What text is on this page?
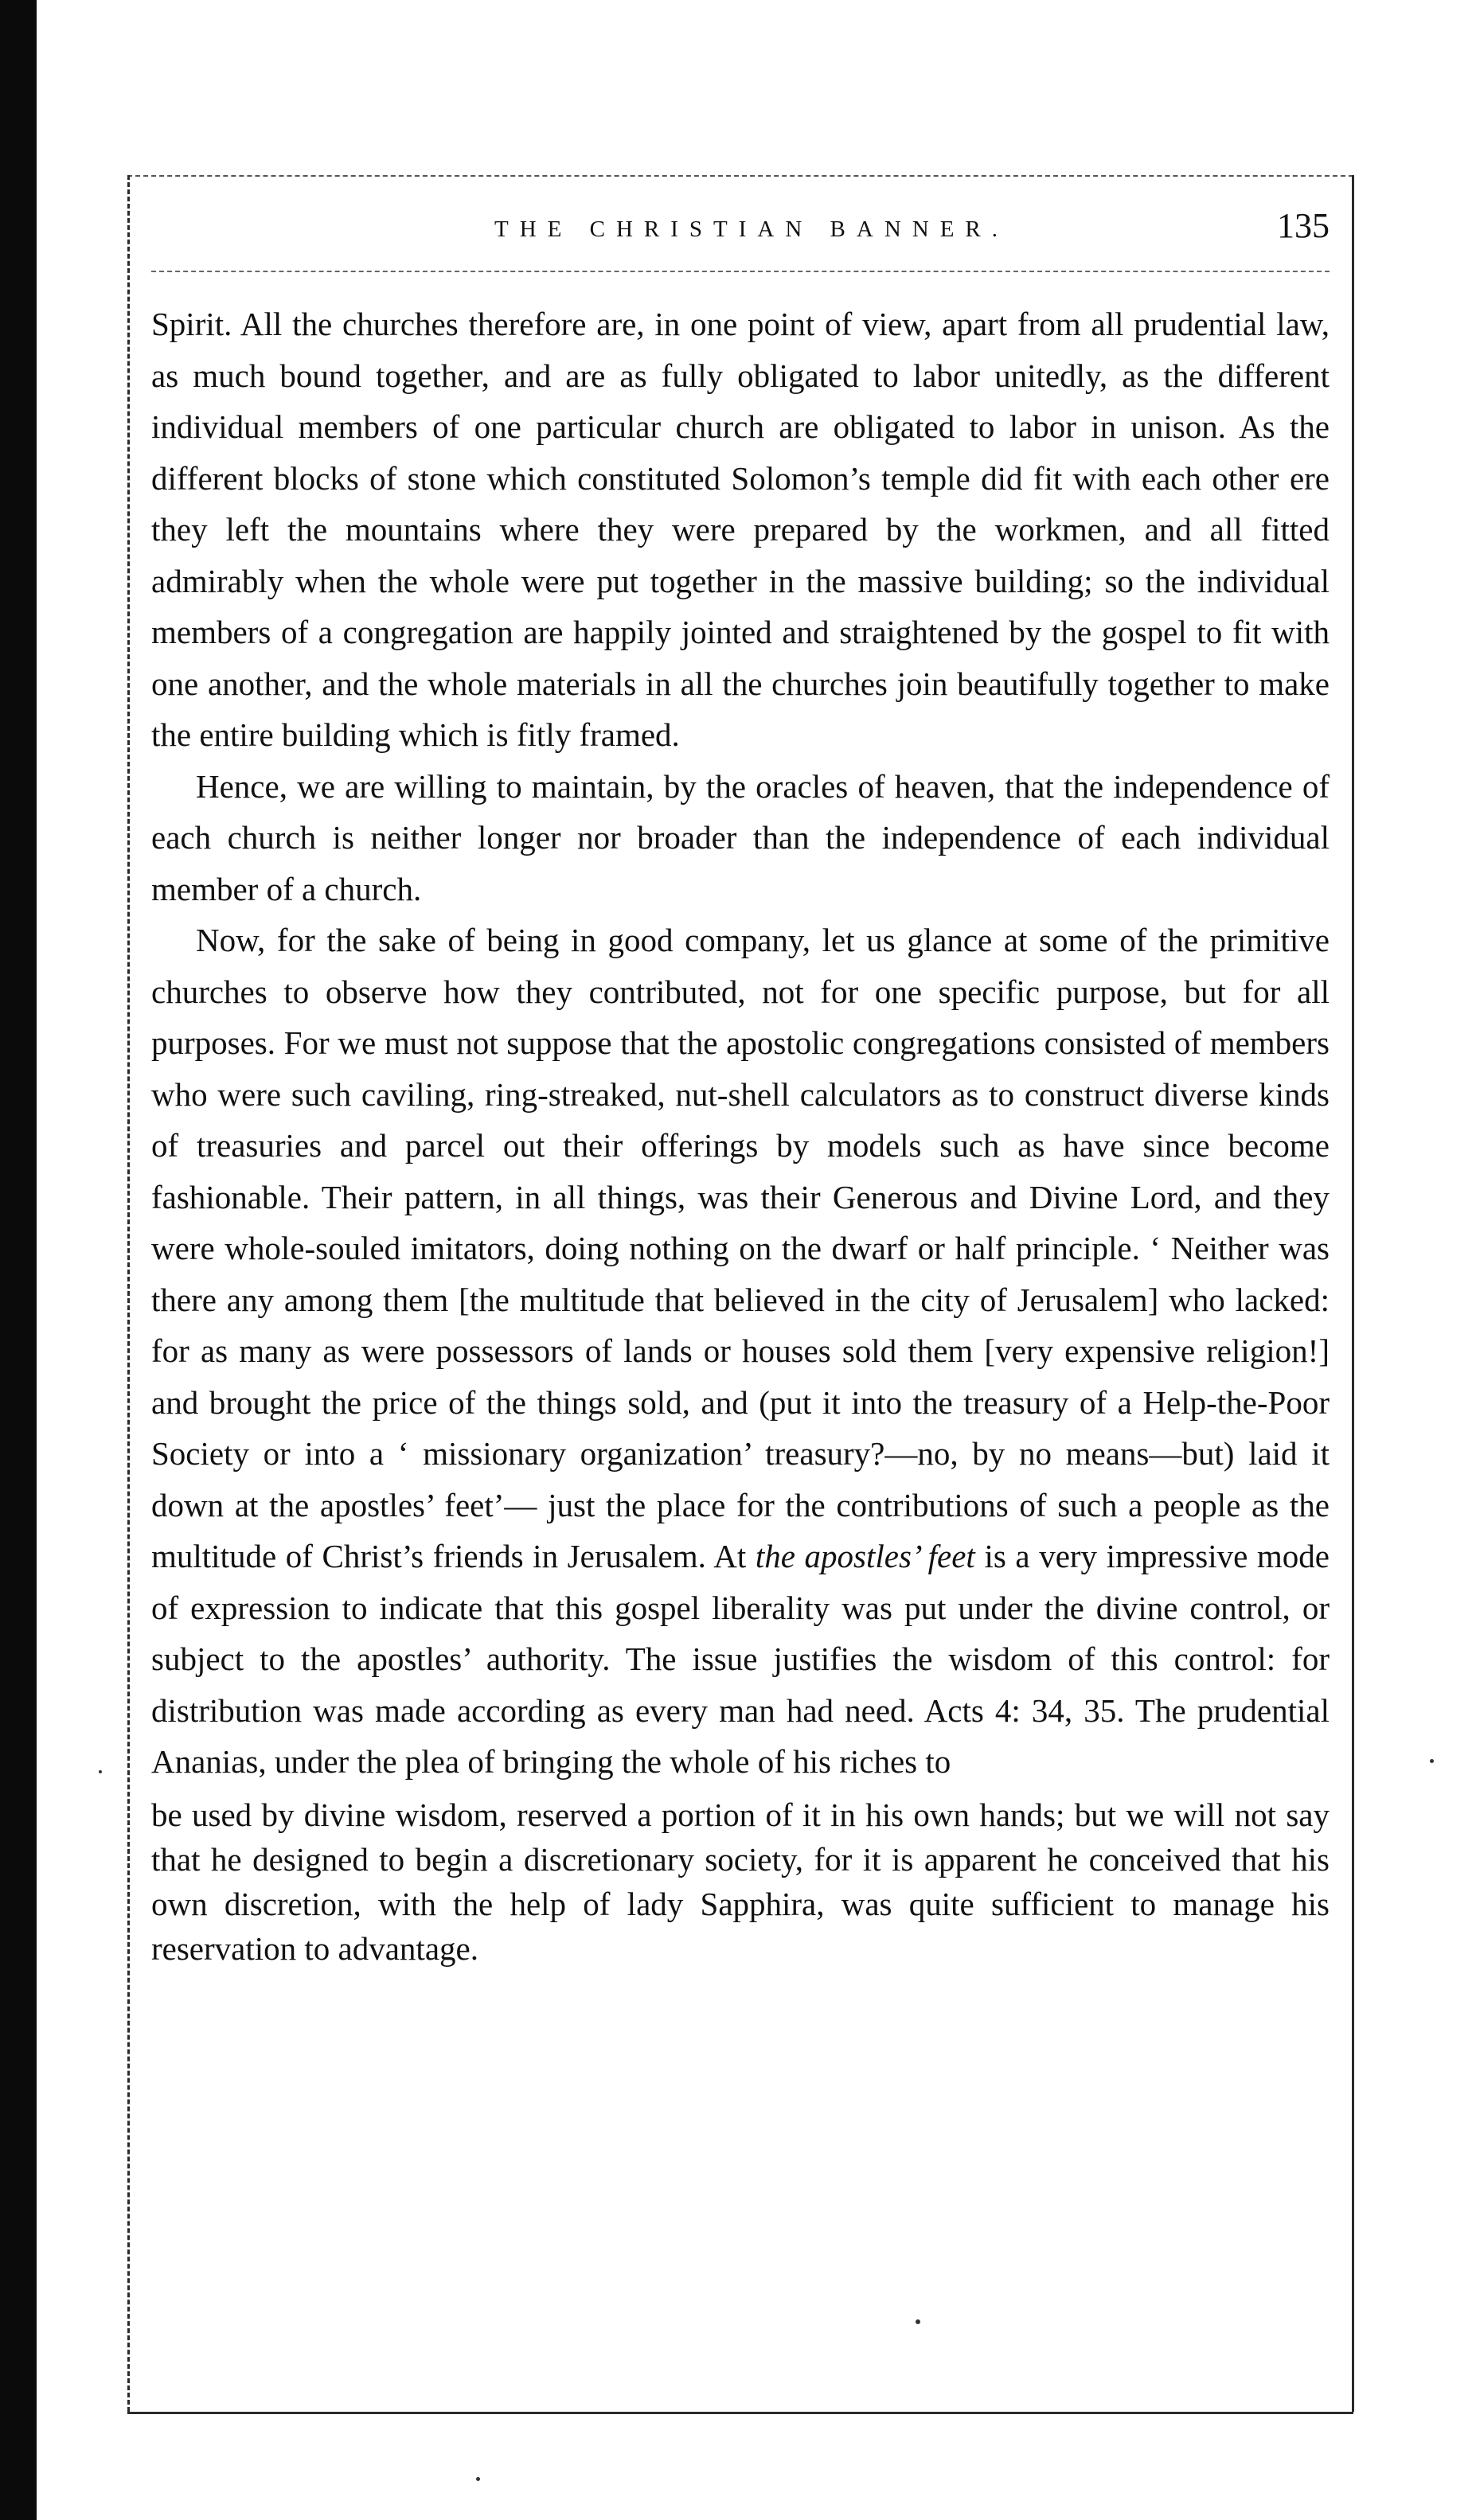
THE CHRISTIAN BANNER.	135

Spirit. All the churches therefore are, in one point of view, apart from all prudential law, as much bound together, and are as fully obligated to labor unitedly, as the different individual members of one particular church are obligated to labor in unison. As the different blocks of stone which constituted Solomon’s temple did fit with each other ere they left the mountains where they were prepared by the workmen, and all fitted admirably when the whole were put together in the massive building; so the individual members of a congregation are happily jointed and straightened by the gospel to fit with one another, and the whole materials in all the churches join beautifully together to make the entire building which is fitly framed.

Hence, we are willing to maintain, by the oracles of heaven, that the independence of each church is neither longer nor broader than the independence of each individual member of a church.

Now, for the sake of being in good company, let us glance at some of the primitive churches to observe how they contributed, not for one specific purpose, but for all purposes. For we must not suppose that the apostolic congregations consisted of members who were such caviling, ring-streaked, nut-shell calculators as to construct diverse kinds of treasuries and parcel out their offerings by models such as have since become fashionable. Their pattern, in all things, was their Generous and Divine Lord, and they were whole-souled imitators, doing nothing on the dwarf or half principle. ‘ Neither was there any among them [the multitude that believed in the city of Jerusalem] who lacked: for as many as were possessors of lands or houses sold them [very expensive religion!] and brought the price of the things sold, and (put it into the treasury of a Help-the-Poor Society or into a ‘ missionary organization’ treasury?—no, by no means—but) laid it down at the apostles’ feet’— just the place for the contributions of such a people as the multitude of Christ’s friends in Jerusalem. At the apostles’ feet is a very impressive mode of expression to indicate that this gospel liberality was put under the divine control, or subject to the apostles’ authority. The issue justifies the wisdom of this control: for distribution was made according as every man had need. Acts 4: 34, 35. The prudential Ananias, under the plea of bringing the whole of his riches to

be used by divine wisdom, reserved a portion of it in his own hands; but we will not say that he designed to begin a discretionary society, for it is apparent he conceived that his own discretion, with the help of lady Sapphira, was quite sufficient to manage his reservation to advantage.
